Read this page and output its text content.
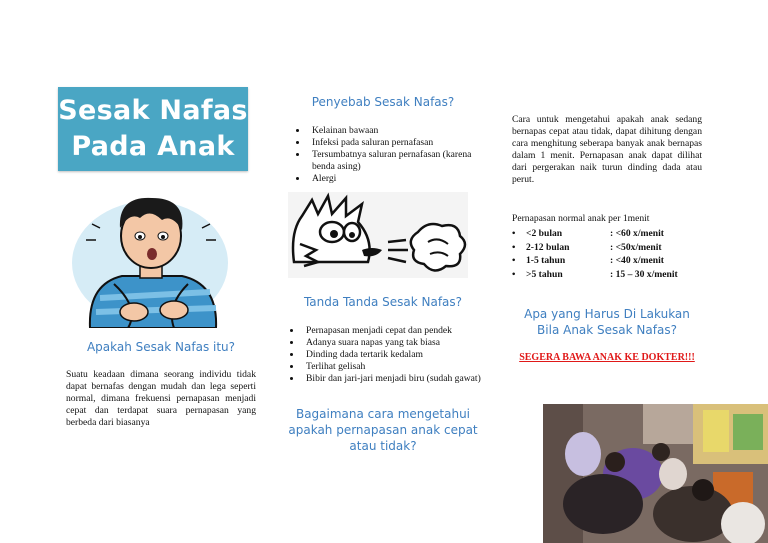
Sesak Nafas
Pada Anak
Apakah Sesak Nafas itu?
Suatu keadaan dimana seorang individu tidak dapat bernafas dengan mudah dan lega seperti normal, dimana frekuensi pernapasan menjadi cepat dan terdapat suara pernapasan yang berbeda dari biasanya
Penyebab Sesak Nafas?
• Kelainan bawaan
• Infeksi pada saluran pernafasan
• Tersumbatnya saluran pernafasan (karena benda asing)
• Alergi
Tanda Tanda Sesak Nafas?
• Pernapasan menjadi cepat dan pendek
• Adanya suara napas yang tak biasa
• Dinding dada tertarik kedalam
• Terlihat gelisah
• Bibir dan jari-jari menjadi biru (sudah gawat)
Bagaimana cara mengetahui apakah pernapasan anak cepat atau tidak?
Cara untuk mengetahui apakah anak sedang bernapas cepat atau tidak, dapat dihitung dengan cara menghitung seberapa banyak anak bernapas dalam 1 menit. Pernapasan anak dapat dilihat dari pergerakan naik turun dinding dada atau perut.
Pernapasan normal anak per 1menit
•	<2 bulan	: <60 x/menit
•	2-12 bulan	: <50x/menit
•	1-5 tahun	: <40 x/menit
•	>5 tahun	: 15 – 30 x/menit
Apa yang Harus Di Lakukan Bila Anak Sesak Nafas?
SEGERA BAWA ANAK KE DOKTER!!!
